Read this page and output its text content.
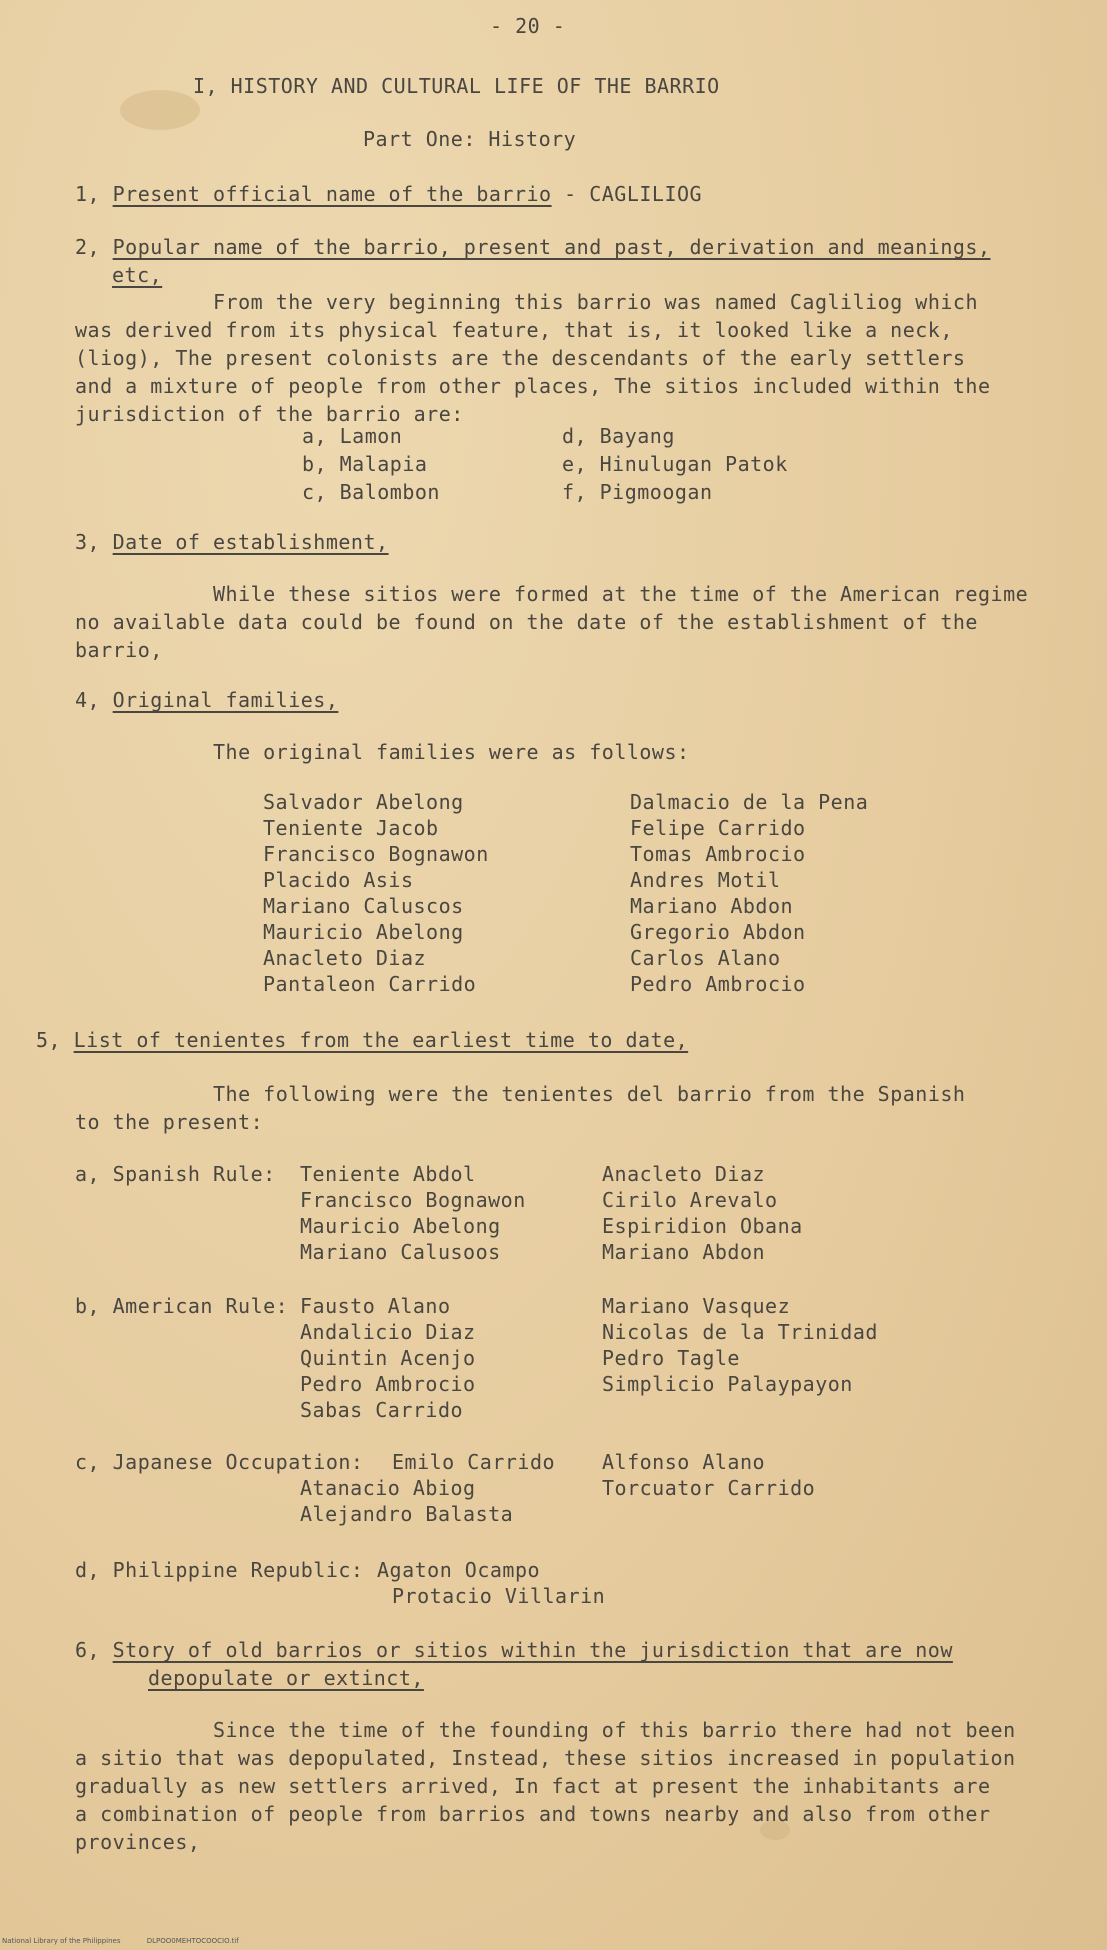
- 20 -
I, HISTORY AND CULTURAL LIFE OF THE BARRIO
Part One: History
1, Present official name of the barrio - CAGLILIOG
2, Popular name of the barrio, present and past, derivation and meanings,
etc,
From the very beginning this barrio was named Cagliliog which
was derived from its physical feature, that is, it looked like a neck,
(liog), The present colonists are the descendants of the early settlers
and a mixture of people from other places, The sitios included within the
jurisdiction of the barrio are:
a, Lamon
b, Malapia
c, Balombon
d, Bayang
e, Hinulugan Patok
f, Pigmoogan
3, Date of establishment,
While these sitios were formed at the time of the American regime
no available data could be found on the date of the establishment of the
barrio,
4, Original families,
The original families were as follows:
Salvador Abelong
Teniente Jacob
Francisco Bognawon
Placido Asis
Mariano Caluscos
Mauricio Abelong
Anacleto Diaz
Pantaleon Carrido
Dalmacio de la Pena
Felipe Carrido
Tomas Ambrocio
Andres Motil
Mariano Abdon
Gregorio Abdon
Carlos Alano
Pedro Ambrocio
5, List of tenientes from the earliest time to date,
The following were the tenientes del barrio from the Spanish
to the present:
a, Spanish Rule: Teniente Abdol
Francisco Bognawon
Mauricio Abelong
Mariano Calusoos
Anacleto Diaz
Cirilo Arevalo
Espiridion Obana
Mariano Abdon
b, American Rule: Fausto Alano
Andalicio Diaz
Quintin Acenjo
Pedro Ambrocio
Sabas Carrido
Mariano Vasquez
Nicolas de la Trinidad
Pedro Tagle
Simplicio Palaypayon
c, Japanese Occupation: Emilo Carrido
Atanacio Abiog
Alejandro Balasta
Alfonso Alano
Torcuator Carrido
d, Philippine Republic: Agaton Ocampo
Protacio Villarin
6, Story of old barrios or sitios within the jurisdiction that are now
depopulate or extinct,
Since the time of the founding of this barrio there had not been
a sitio that was depopulated, Instead, these sitios increased in population
gradually as new settlers arrived, In fact at present the inhabitants are
a combination of people from barrios and towns nearby and also from other
provinces,
National Library of the Philippines	DLPOO0MEHTOCOOCIO.tif
